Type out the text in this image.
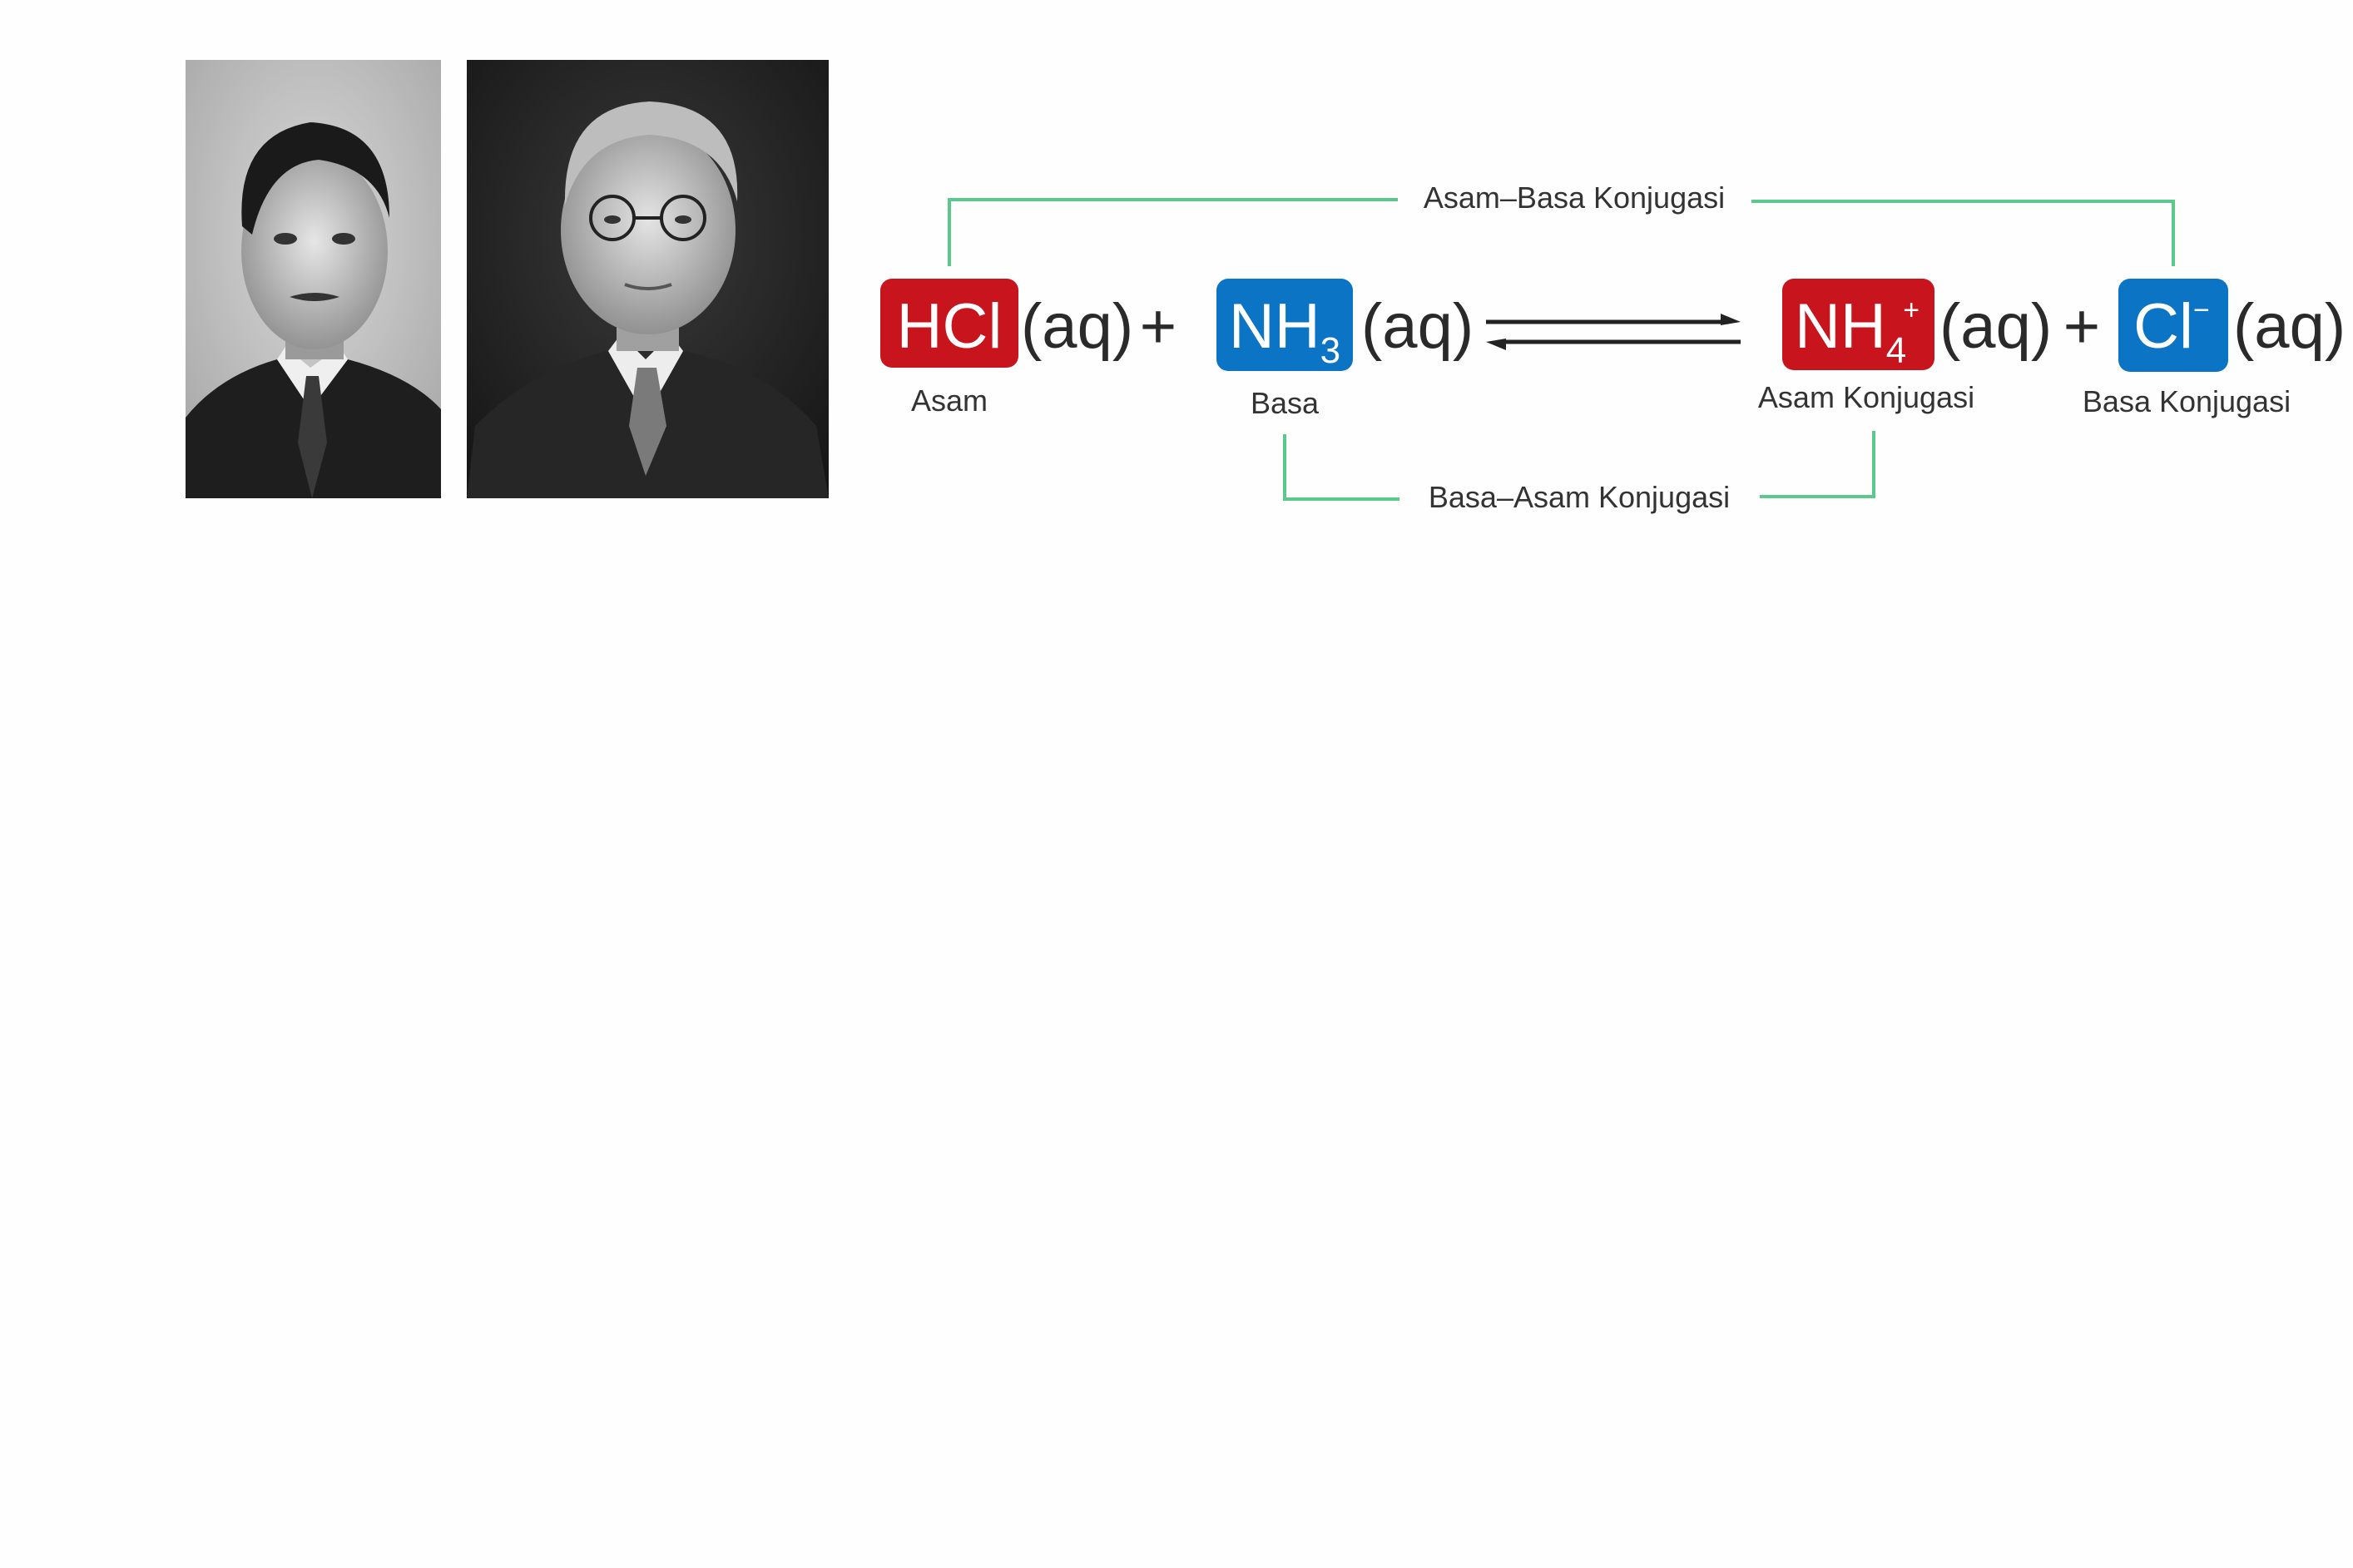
Asam–Basa Konjugasi
Basa–Asam Konjugasi
HCl (aq)
Asam
+ NH3 (aq)
Basa
NH4+ (aq)
Asam Konjugasi
+ Cl− (aq)
Basa Konjugasi
